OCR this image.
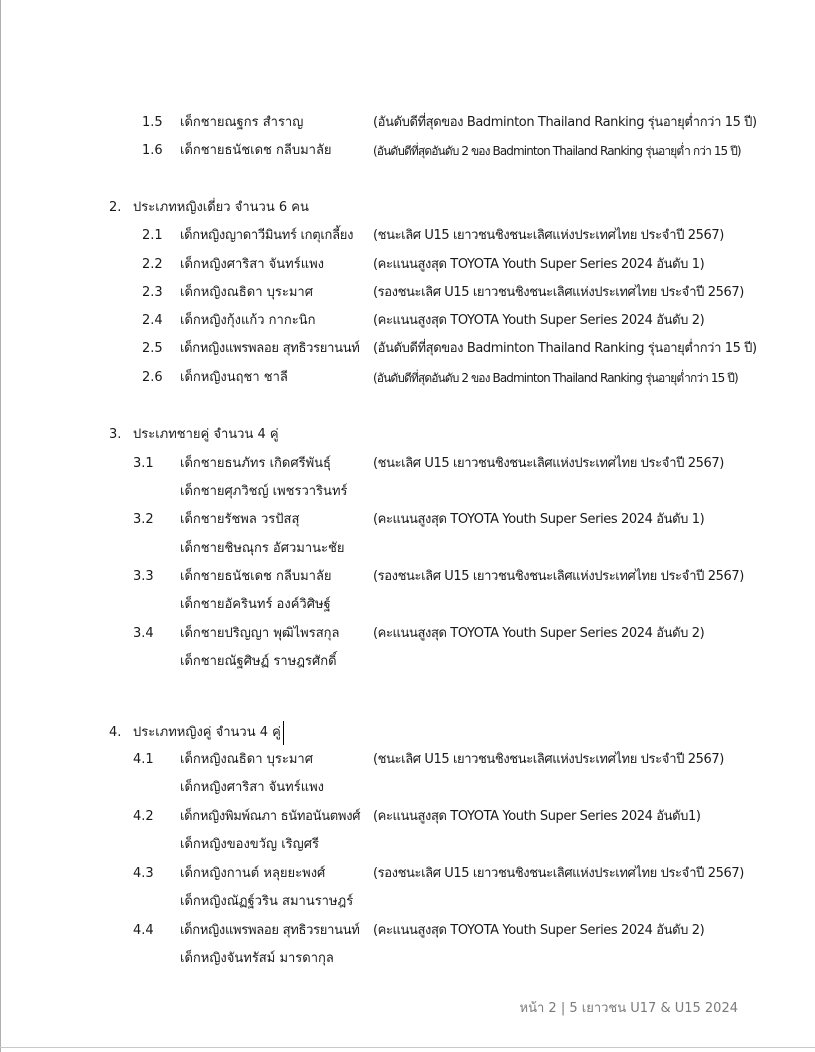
1.5 เด็กชายณฐกร สำราญ	(อันดับดีที่สุดของ Badminton Thailand Ranking รุ่นอายุต่ำกว่า 15 ปี)
1.6 เด็กชายธนัชเดช กลีบมาลัย	(อันดับดีที่สุดอันดับ 2 ของ Badminton Thailand Ranking รุ่นอายุต่ำ กว่า 15 ปี)
2. ประเภทหญิงเดี่ยว จำนวน 6 คน
2.1 เด็กหญิงญาดาวีมินทร์ เกตุเกลี้ยง (ชนะเลิศ U15 เยาวชนชิงชนะเลิศแห่งประเทศไทย ประจำปี 2567)
2.2 เด็กหญิงศาริสา จันทร์แพง	(คะแนนสูงสุด TOYOTA Youth Super Series 2024 อันดับ 1)
2.3 เด็กหญิงณธิดา บุระมาศ	(รองชนะเลิศ U15 เยาวชนชิงชนะเลิศแห่งประเทศไทย ประจำปี 2567)
2.4 เด็กหญิงกุ้งแก้ว กากะนิก	(คะแนนสูงสุด TOYOTA Youth Super Series 2024 อันดับ 2)
2.5 เด็กหญิงแพรพลอย สุทธิวรยานนท์ (อันดับดีที่สุดของ Badminton Thailand Ranking รุ่นอายุต่ำกว่า 15 ปี)
2.6 เด็กหญิงนฤชา ชาลี	(อันดับดีที่สุดอันดับ 2 ของ Badminton Thailand Ranking รุ่นอายุต่ำกว่า 15 ปี)
3. ประเภทชายคู่ จำนวน 4 คู่
3.1 เด็กชายธนภัทร เกิดศรีพันธุ์	(ชนะเลิศ U15 เยาวชนชิงชนะเลิศแห่งประเทศไทย ประจำปี 2567)
เด็กชายศุภวิชญ์ เพชรวารินทร์
3.2 เด็กชายรัชพล วรปัสสุ	(คะแนนสูงสุด TOYOTA Youth Super Series 2024 อันดับ 1)
เด็กชายชิษณุกร อัศวมานะชัย
3.3 เด็กชายธนัชเดช กลีบมาลัย	(รองชนะเลิศ U15 เยาวชนชิงชนะเลิศแห่งประเทศไทย ประจำปี 2567)
เด็กชายอัครินทร์ องค์วิศิษฐ์
3.4 เด็กชายปริญญา พุฒิไพรสกุล	(คะแนนสูงสุด TOYOTA Youth Super Series 2024 อันดับ 2)
เด็กชายณัฐศิษฏ์ ราษฎรศักดิ์
4. ประเภทหญิงคู่ จำนวน 4 คู่
4.1 เด็กหญิงณธิดา บุระมาศ	(ชนะเลิศ U15 เยาวชนชิงชนะเลิศแห่งประเทศไทย ประจำปี 2567)
เด็กหญิงศาริสา จันทร์แพง
4.2 เด็กหญิงพิมพ์ณภา ธนัทอนันตพงศ์ (คะแนนสูงสุด TOYOTA Youth Super Series 2024 อันดับ1)
เด็กหญิงของขวัญ เริญศรี
4.3 เด็กหญิงกานต์ หลุยยะพงศ์	(รองชนะเลิศ U15 เยาวชนชิงชนะเลิศแห่งประเทศไทย ประจำปี 2567)
เด็กหญิงณัฏฐ์วริน สมานราษฎร์
4.4 เด็กหญิงแพรพลอย สุทธิวรยานนท์ (คะแนนสูงสุด TOYOTA Youth Super Series 2024 อันดับ 2)
เด็กหญิงจันทรัสม์ มารดากุล
หน้า 2 | 5 เยาวชน U17 & U15 2024
